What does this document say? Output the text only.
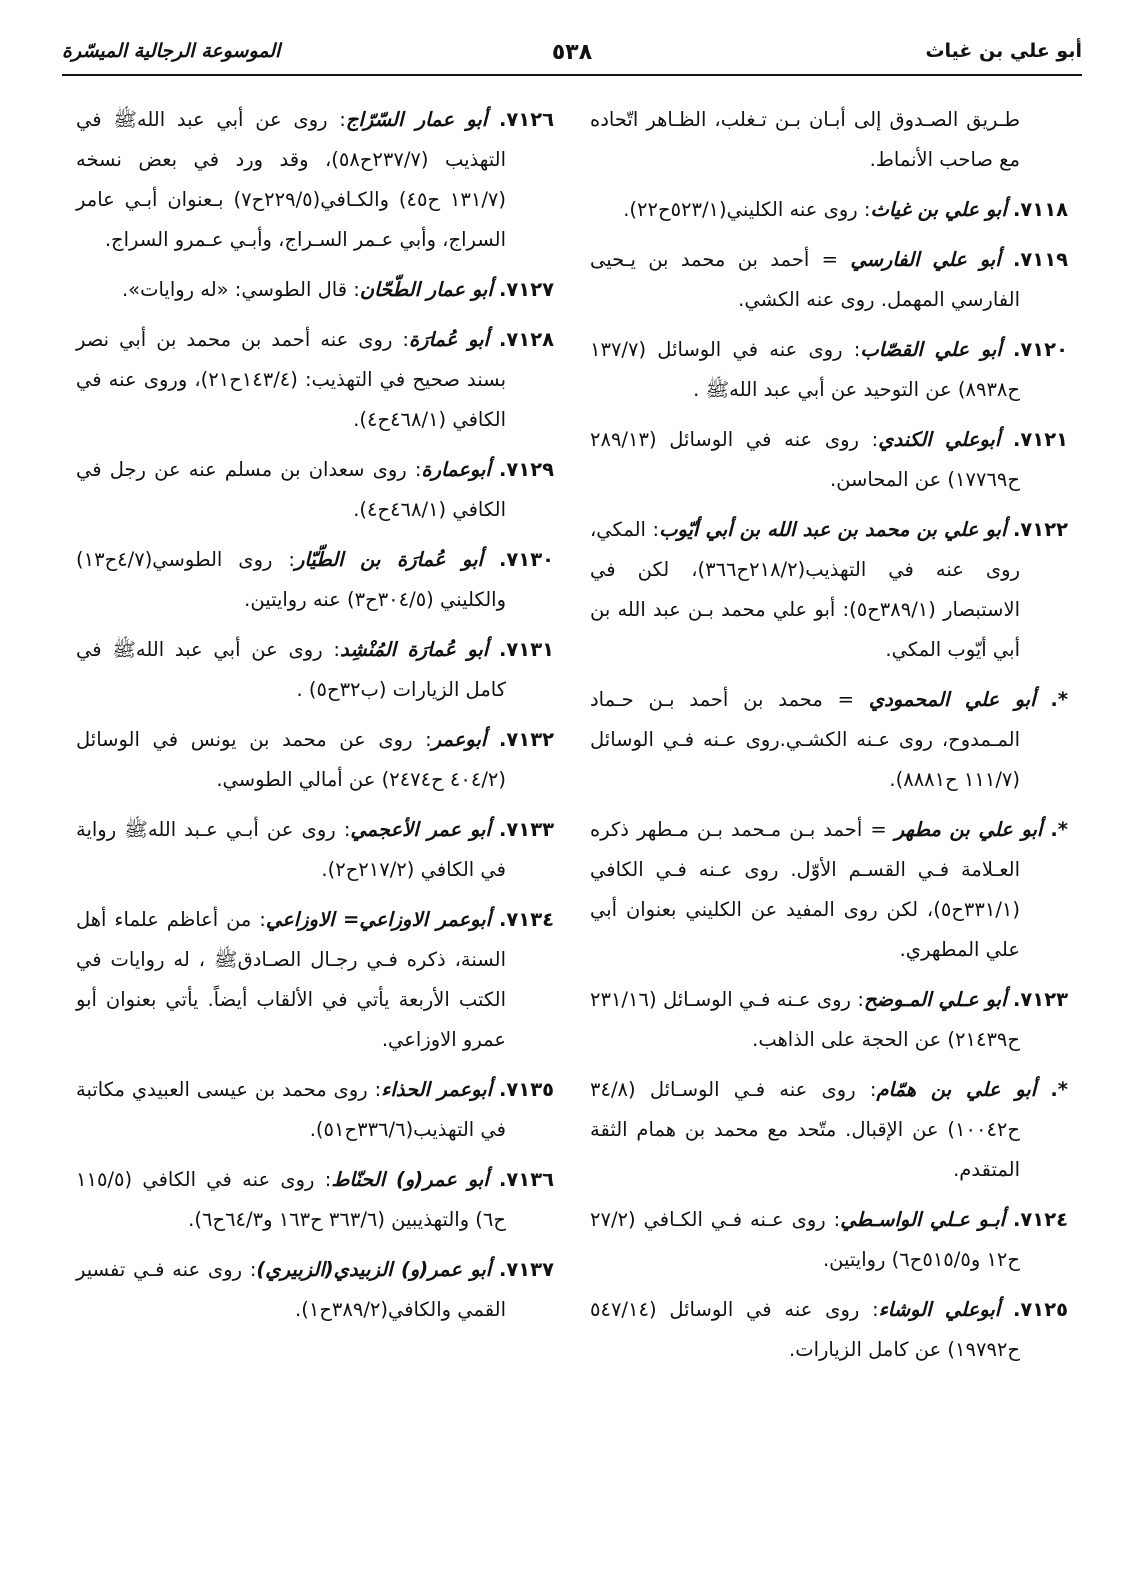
أبو علي بن غياث
٥٣٨
الموسوعة الرجالية الميسّرة

طـريق الصـدوق إلى أبـان بـن تـغلب، الظـاهر اتّحاده مع صاحب الأنماط.

٧١١٨. أبو علي بن غياث: روى عنه الكليني(٥٢٣/١ح٢٢).

٧١١٩. أبو علي الفارسي = أحمد بن محمد بن يـحيى الفارسي المهمل. روى عنه الكشي.

٧١٢٠. أبو علي القصّاب: روى عنه في الوسائل (١٣٧/٧ ح٨٩٣٨) عن التوحيد عن أبي عبد الله‏ﷺ .

٧١٢١. أبوعلي الكندي: روى عنه في الوسائل (٢٨٩/١٣ ح١٧٧٦٩) عن المحاسن.

٧١٢٢. أبو علي بن محمد بن عبد الله بن أبي أيّوب: المكي، روى عنه في التهذيب(٢١٨/٢ح٣٦٦)، لكن في الاستبصار (٣٨٩/١ح٥): أبو علي محمد بـن عبد الله بن أبي أيّوب المكي.

*. أبو علي المحمودي = محمد بن أحمد بـن حـماد المـمدوح، روى عـنه الكشـي.روى عـنه فـي الوسائل (١١١/٧ ح٨٨٨١).

*. أبو علي بن مطهر = أحمد بـن مـحمد بـن مـطهر ذكره العـلامة فـي القسـم الأوّل. روى عـنه فـي الكافي (٣٣١/١ح٥)، لكن روى المفيد عن الكليني بعنوان أبي علي المطهري.

٧١٢٣. أبو عـلي المـوضح: روى عـنه فـي الوسـائل (٢٣١/١٦ ح٢١٤٣٩) عن الحجة على الذاهب.

*. أبو علي بن همّام: روى عنه فـي الوسـائل (٣٤/٨ ح١٠٠٤٢) عن الإقبال. متّحد مع محمد بن همام الثقة المتقدم.

٧١٢٤. أبـو عـلي الواسـطي: روى عـنه فـي الكـافي (٢٧/٢ ح١٢ و٥١٥/٥ح٦) روايتين.

٧١٢٥. أبوعلي الوشاء: روى عنه في الوسائل (٥٤٧/١٤ ح١٩٧٩٢) عن كامل الزيارات.

٧١٢٦. أبو عمار السّرّاج: روى عن أبي عبد الله‏ﷺ في التهذيب (٢٣٧/٧ح٥٨)، وقد ورد في بعض نسخه (١٣١/٧ ح٤٥) والكـافي(٢٢٩/٥ح٧) بـعنوان أبـي عامر السراج، وأبي عـمر السـراج، وأبـي عـمرو السراج.

٧١٢٧. أبو عمار الطّحّان: قال الطوسي: «له روايات».

٧١٢٨. أبو عُمارَة: روى عنه أحمد بن محمد بن أبي نصر بسند صحيح في التهذيب: (١٤٣/٤ح٢١)، وروى عنه في الكافي (٤٦٨/١ح٤).

٧١٢٩. أبوعمارة: روى سعدان بن مسلم عنه عن رجل في الكافي (٤٦٨/١ح٤).

٧١٣٠. أبو عُمارَة بن الطّيّار: روى الطوسي(٤/٧ح١٣) والكليني (٣٠٤/٥ح٣) عنه روايتين.

٧١٣١. أبو عُمارَة المُنْشِد: روى عن أبي عبد الله‏ﷺ في كامل الزيارات (ب٣٢ح٥) .

٧١٣٢. أبوعمر: روى عن محمد بن يونس في الوسائل (٤٠٤/٢ ح٢٤٧٤) عن أمالي الطوسي.

٧١٣٣. أبو عمر الأعجمي: روى عن أبـي عـبد الله‏ﷺ رواية في الكافي (٢١٧/٢ح٢).

٧١٣٤. أبوعمر الاوزاعي= الاوزاعي: من أعاظم علماء أهل السنة، ذكره فـي رجـال الصـادق‏ﷺ ، له روايات في الكتب الأربعة يأتي في الألقاب أيضاً. يأتي بعنوان أبو عمرو الاوزاعي.

٧١٣٥. أبوعمر الحذاء: روى محمد بن عيسى العبيدي مكاتبة في التهذيب(٣٣٦/٦ح٥١).

٧١٣٦. أبو عمر(و) الحنّاط: روى عنه في الكافي (١١٥/٥ ح٦) والتهذيبين (٣٦٣/٦ ح١٦٣ و٦٤/٣ح٦).

٧١٣٧. أبو عمر(و) الزبيدي(الزبيري): روى عنه فـي تفسير القمي والكافي(٣٨٩/٢ح١).
